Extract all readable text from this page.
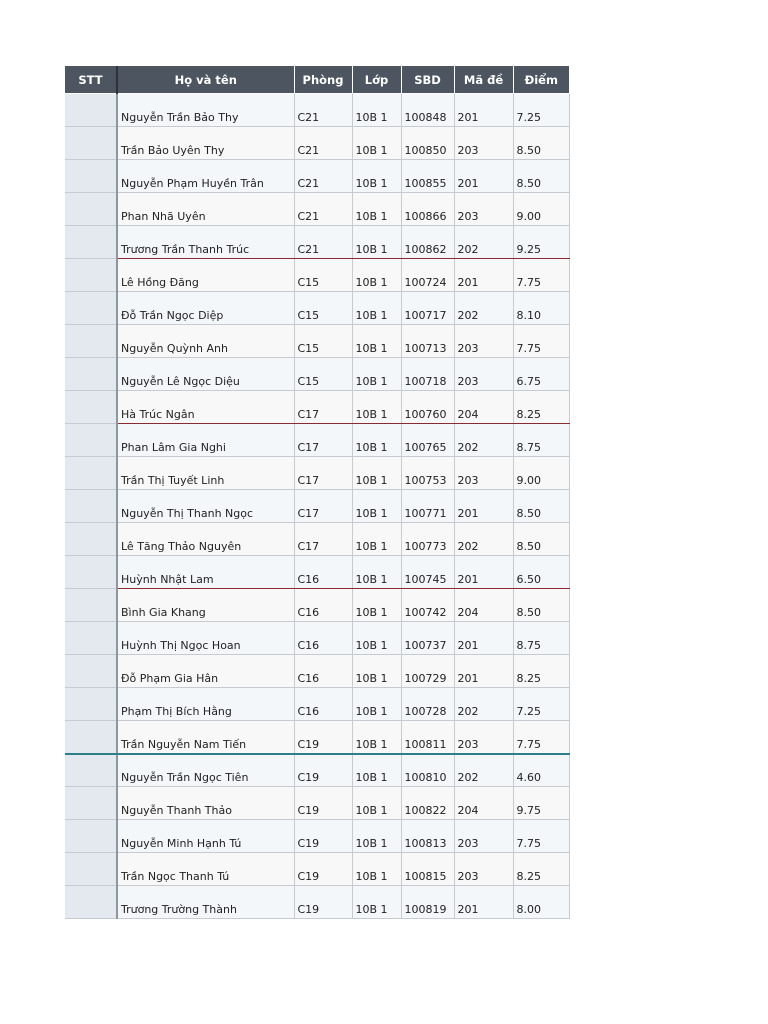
STT	Họ và tên	Phòng	Lớp	SBD	Mã đề	Điểm
	Nguyễn Trần Bảo Thy	C21	10B 1	100848	201	7.25
	Trần Bảo Uyên Thy	C21	10B 1	100850	203	8.50
	Nguyễn Phạm Huyền Trân	C21	10B 1	100855	201	8.50
	Phan Nhã Uyên	C21	10B 1	100866	203	9.00
	Trương Trần Thanh Trúc	C21	10B 1	100862	202	9.25
	Lê Hồng Đăng	C15	10B 1	100724	201	7.75
	Đỗ Trần Ngọc Diệp	C15	10B 1	100717	202	8.10
	Nguyễn Quỳnh Anh	C15	10B 1	100713	203	7.75
	Nguyễn Lê Ngọc Diệu	C15	10B 1	100718	203	6.75
	Hà Trúc Ngân	C17	10B 1	100760	204	8.25
	Phan Lâm Gia Nghi	C17	10B 1	100765	202	8.75
	Trần Thị Tuyết Linh	C17	10B 1	100753	203	9.00
	Nguyễn Thị Thanh Ngọc	C17	10B 1	100771	201	8.50
	Lê Tăng Thảo Nguyên	C17	10B 1	100773	202	8.50
	Huỳnh Nhật Lam	C16	10B 1	100745	201	6.50
	Bình Gia Khang	C16	10B 1	100742	204	8.50
	Huỳnh Thị Ngọc Hoan	C16	10B 1	100737	201	8.75
	Đỗ Phạm Gia Hân	C16	10B 1	100729	201	8.25
	Phạm Thị Bích Hằng	C16	10B 1	100728	202	7.25
	Trần Nguyễn Nam Tiến	C19	10B 1	100811	203	7.75
	Nguyễn Trần Ngọc Tiên	C19	10B 1	100810	202	4.60
	Nguyễn Thanh Thảo	C19	10B 1	100822	204	9.75
	Nguyễn Minh Hạnh Tú	C19	10B 1	100813	203	7.75
	Trần Ngọc Thanh Tú	C19	10B 1	100815	203	8.25
	Trương Trường Thành	C19	10B 1	100819	201	8.00
